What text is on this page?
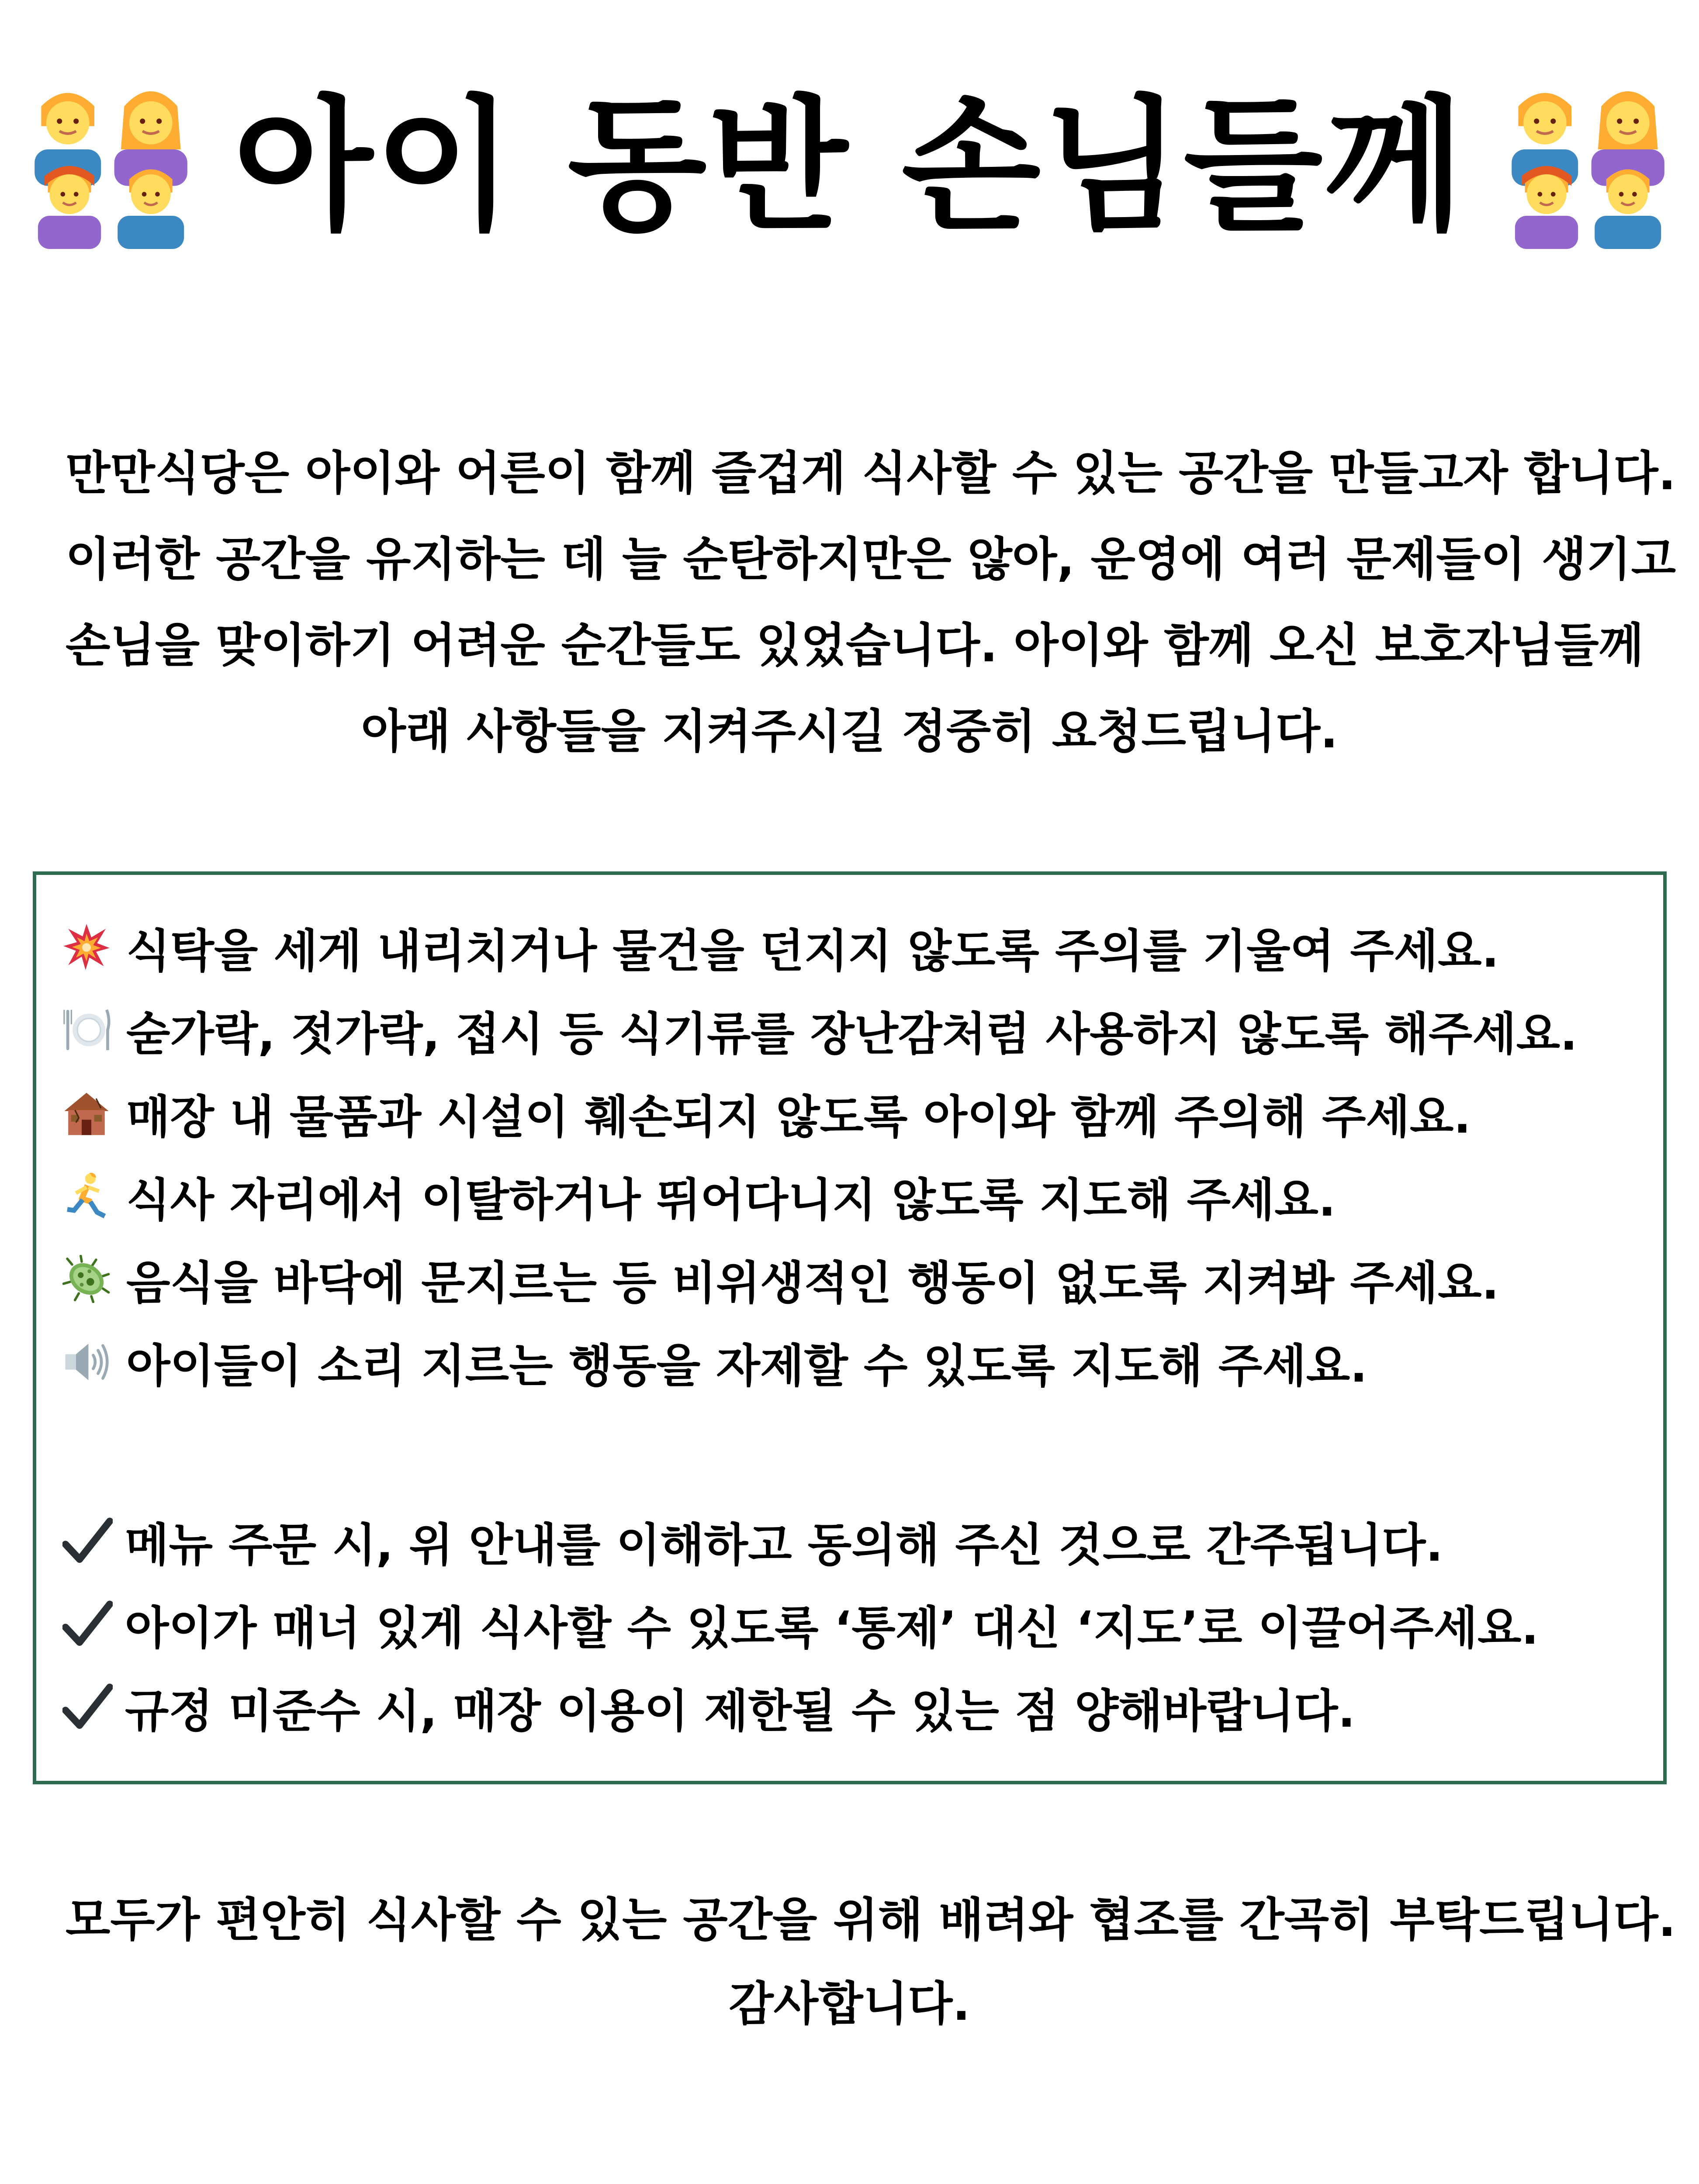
아이 동반 손님들께
만만식당은 아이와 어른이 함께 즐겁게 식사할 수 있는 공간을 만들고자 합니다.
이러한 공간을 유지하는 데 늘 순탄하지만은 않아, 운영에 여러 문제들이 생기고
손님을 맞이하기 어려운 순간들도 있었습니다. 아이와 함께 오신 보호자님들께
아래 사항들을 지켜주시길 정중히 요청드립니다.
식탁을 세게 내리치거나 물건을 던지지 않도록 주의를 기울여 주세요.
숟가락, 젓가락, 접시 등 식기류를 장난감처럼 사용하지 않도록 해주세요.
매장 내 물품과 시설이 훼손되지 않도록 아이와 함께 주의해 주세요.
식사 자리에서 이탈하거나 뛰어다니지 않도록 지도해 주세요.
음식을 바닥에 문지르는 등 비위생적인 행동이 없도록 지켜봐 주세요.
아이들이 소리 지르는 행동을 자제할 수 있도록 지도해 주세요.
메뉴 주문 시, 위 안내를 이해하고 동의해 주신 것으로 간주됩니다.
아이가 매너 있게 식사할 수 있도록 ‘통제’ 대신 ‘지도’로 이끌어주세요.
규정 미준수 시, 매장 이용이 제한될 수 있는 점 양해바랍니다.
모두가 편안히 식사할 수 있는 공간을 위해 배려와 협조를 간곡히 부탁드립니다.
감사합니다.
